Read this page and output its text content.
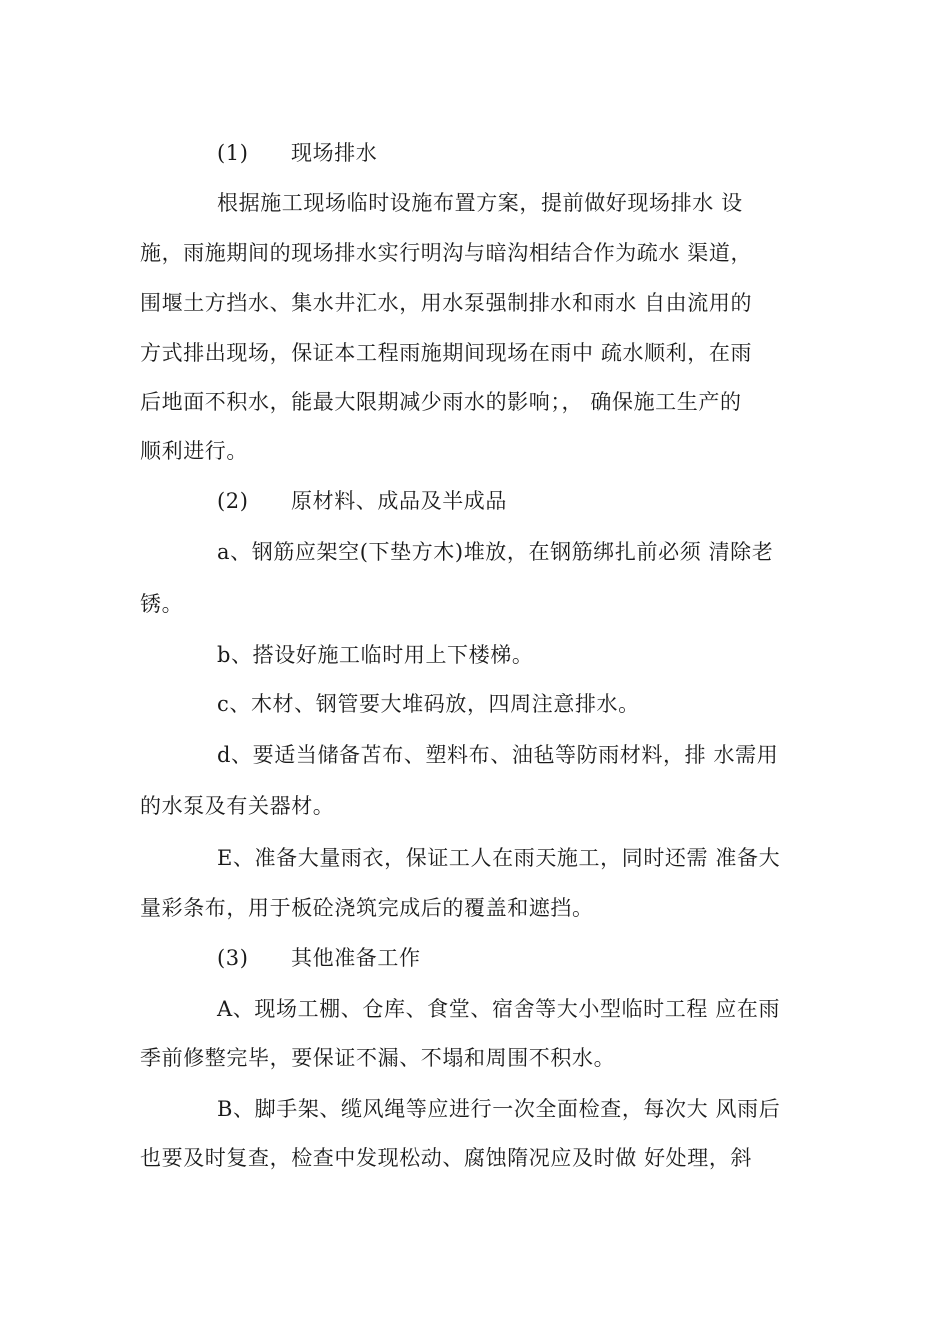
(1) 现场排水
根据施工现场临时设施布置方案，提前做好现场排水 设
施，雨施期间的现场排水实行明沟与暗沟相结合作为疏水 渠道，
围堰土方挡水、集水井汇水，用水泵强制排水和雨水 自由流用的
方式排出现场，保证本工程雨施期间现场在雨中 疏水顺利，在雨
后地面不积水，能最大限期减少雨水的影响；， 确保施工生产的
顺利进行。
(2) 原材料、成品及半成品
a、钢筋应架空(下垫方木)堆放，在钢筋绑扎前必须 清除老
锈。
b、搭设好施工临时用上下楼梯。
c、木材、钢管要大堆码放，四周注意排水。
d、要适当储备苫布、塑料布、油毡等防雨材料，排 水需用
的水泵及有关器材。
E、准备大量雨衣，保证工人在雨天施工，同时还需 准备大
量彩条布，用于板砼浇筑完成后的覆盖和遮挡。
(3) 其他准备工作
A、现场工棚、仓库、食堂、宿舍等大小型临时工程 应在雨
季前修整完毕，要保证不漏、不塌和周围不积水。
B、脚手架、缆风绳等应进行一次全面检查，每次大 风雨后
也要及时复查，检查中发现松动、腐蚀隋况应及时做 好处理，斜
